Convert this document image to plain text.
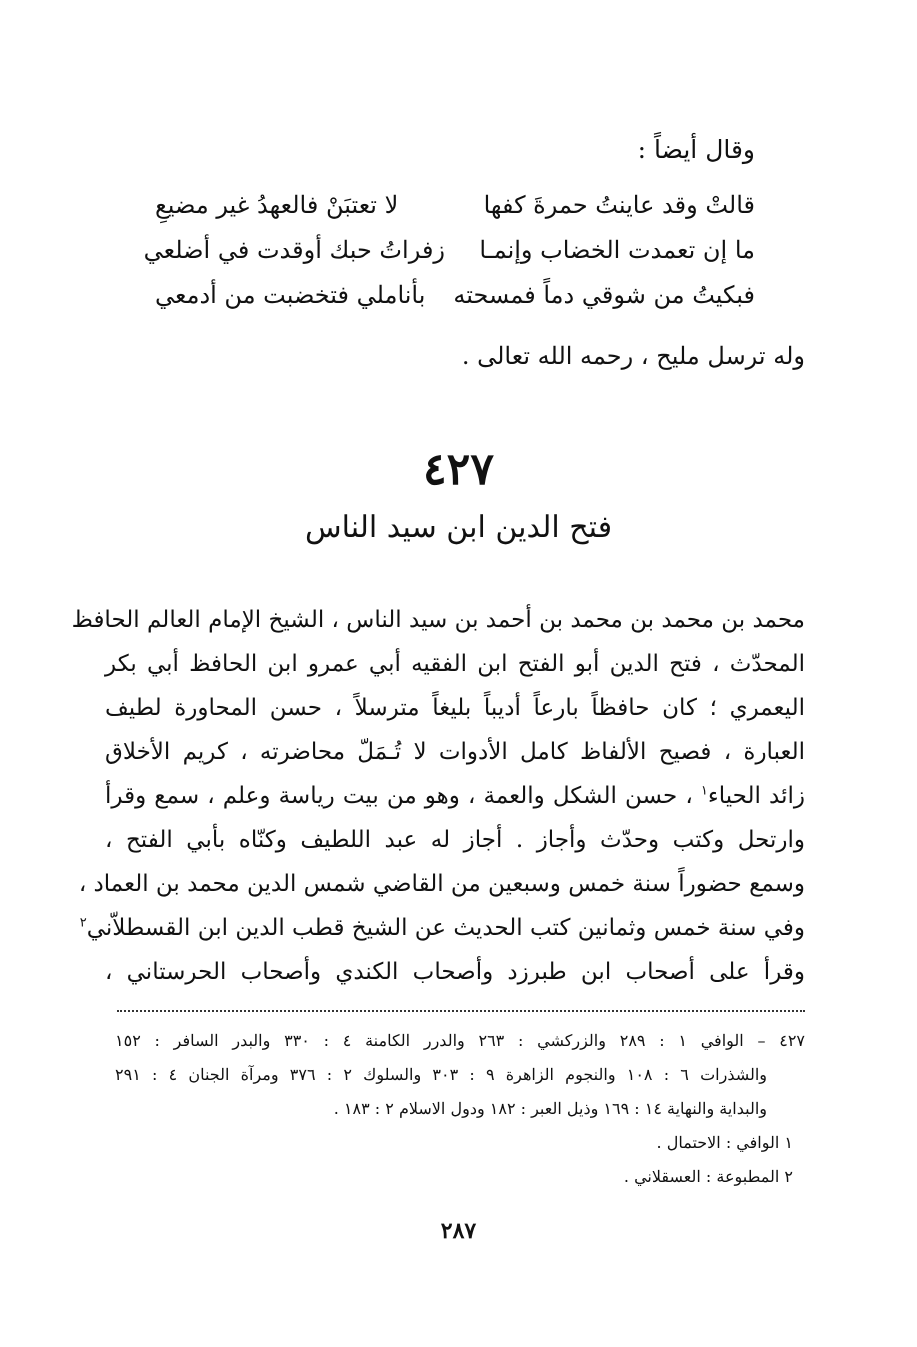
وقال أيضاً :
قالتْ وقد عاينتُ حمرةَ كفها
لا تعتبَنْ فالعهدُ غير مضيعِ
ما إن تعمدت الخضاب وإنمـا
زفراتُ حبك أوقدت في أضلعي
فبكيتُ من شوقي دماً فمسحته
بأناملي فتخضبت من أدمعي
وله ترسل مليح ، رحمه الله تعالى .
٤٢٧
فتح الدين ابن سيد الناس
محمد بن محمد بن محمد بن أحمد بن سيد الناس ، الشيخ الإمام العالم الحافظ
المحدّث ، فتح الدين أبو الفتح ابن الفقيه أبي عمرو ابن الحافظ أبي بكر
اليعمري ؛ كان حافظاً بارعاً أديباً بليغاً مترسلاً ، حسن المحاورة لطيف
العبارة ، فصيح الألفاظ كامل الأدوات لا تُـمَلّ محاضرته ، كريم الأخلاق
زائد الحياء$^١$ ، حسن الشكل والعمة ، وهو من بيت رياسة وعلم ، سمع وقرأ
وارتحل وكتب وحدّث وأجاز . أجاز له عبد اللطيف وكنّاه بأبي الفتح ،
وسمع حضوراً سنة خمس وسبعين من القاضي شمس الدين محمد بن العماد ،
وفي سنة خمس وثمانين كتب الحديث عن الشيخ قطب الدين ابن القسطلاّني$^٢$
وقرأ على أصحاب ابن طبرزد وأصحاب الكندي وأصحاب الحرستاني ،
٤٢٧ – الوافي ١ : ٢٨٩ والزركشي : ٢٦٣ والدرر الكامنة ٤ : ٣٣٠ والبدر السافر : ١٥٢
والشذرات ٦ : ١٠٨ والنجوم الزاهرة ٩ : ٣٠٣ والسلوك ٢ : ٣٧٦ ومرآة الجنان ٤ : ٢٩١
والبداية والنهاية ١٤ : ١٦٩ وذيل العبر : ١٨٢ ودول الاسلام ٢ : ١٨٣ .
١ الوافي : الاحتمال .
٢ المطبوعة : العسقلاني .
٢٨٧
